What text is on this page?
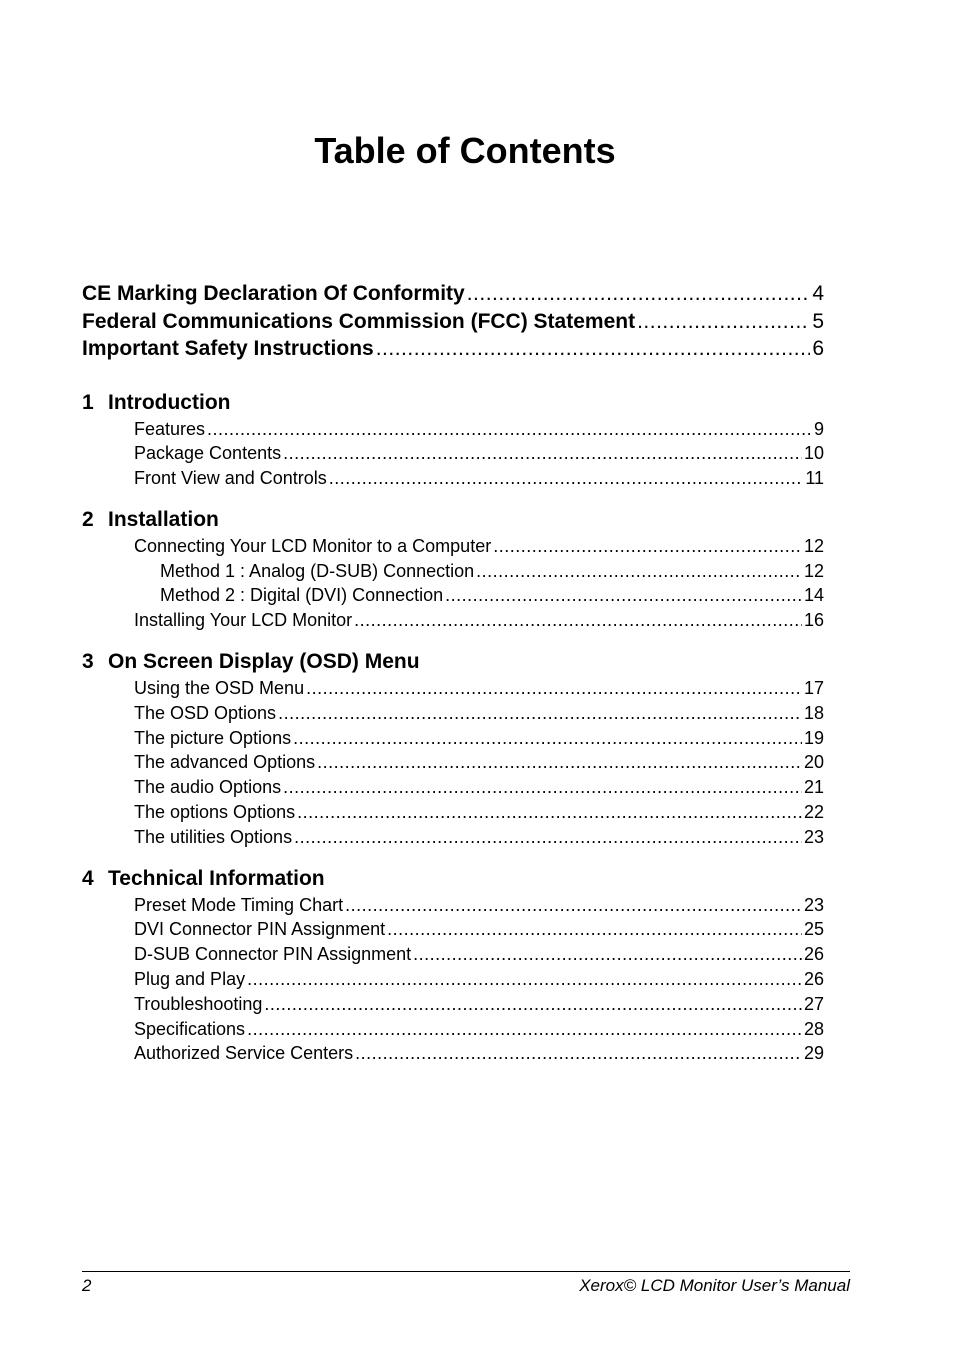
Table of Contents
CE Marking Declaration Of Conformity .....	4
Federal Communications Commission (FCC) Statement .....	5
Important Safety Instructions .....	6
1 Introduction
Features .....	9
Package Contents .....	10
Front View and Controls .....	11
2 Installation
Connecting Your LCD Monitor to a Computer .....	12
Method 1 : Analog (D-SUB) Connection .....	12
Method 2 : Digital (DVI) Connection .....	14
Installing Your LCD Monitor .....	16
3 On Screen Display (OSD) Menu
Using the OSD Menu .....	17
The OSD Options .....	18
The picture Options .....	19
The advanced Options .....	20
The audio Options .....	21
The options Options .....	22
The utilities Options .....	23
4 Technical Information
Preset Mode Timing Chart .....	23
DVI Connector PIN Assignment .....	25
D-SUB Connector PIN Assignment .....	26
Plug and Play .....	26
Troubleshooting .....	27
Specifications .....	28
Authorized Service Centers .....	29
2	Xerox© LCD Monitor User’s Manual
